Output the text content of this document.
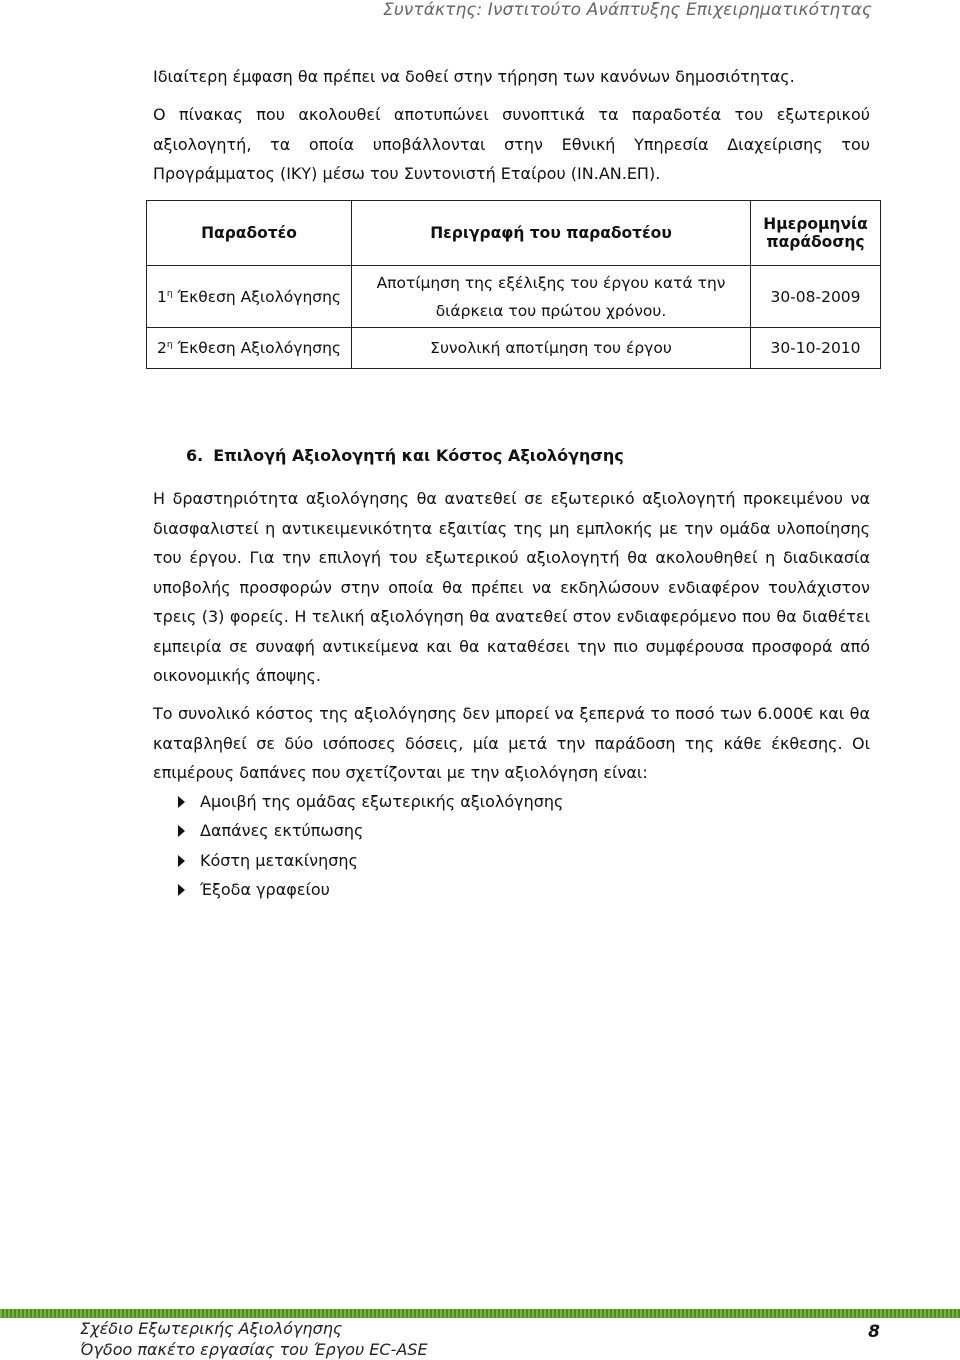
Συντάκτης: Ινστιτούτο Ανάπτυξης Επιχειρηματικότητας

Ιδιαίτερη έμφαση θα πρέπει να δοθεί στην τήρηση των κανόνων δημοσιότητας.

Ο πίνακας που ακολουθεί αποτυπώνει συνοπτικά τα παραδοτέα του εξωτερικού αξιολογητή, τα οποία υποβάλλονται στην Εθνική Υπηρεσία Διαχείρισης του Προγράμματος (ΙΚΥ) μέσω του Συντονιστή Εταίρου (ΙΝ.ΑΝ.ΕΠ).

Παραδοτέο	Περιγραφή του παραδοτέου	Ημερομηνία παράδοσης
$1^\eta$ Έκθεση Αξιολόγησης	Αποτίμηση της εξέλιξης του έργου κατά την διάρκεια του πρώτου χρόνου.	30-08-2009
$2^\eta$ Έκθεση Αξιολόγησης	Συνολική αποτίμηση του έργου	30-10-2010
6. Επιλογή Αξιολογητή και Κόστος Αξιολόγησης

Η δραστηριότητα αξιολόγησης θα ανατεθεί σε εξωτερικό αξιολογητή προκειμένου να διασφαλιστεί η αντικειμενικότητα εξαιτίας της μη εμπλοκής με την ομάδα υλοποίησης του έργου. Για την επιλογή του εξωτερικού αξιολογητή θα ακολουθηθεί η διαδικασία υποβολής προσφορών στην οποία θα πρέπει να εκδηλώσουν ενδιαφέρον τουλάχιστον τρεις (3) φορείς. Η τελική αξιολόγηση θα ανατεθεί στον ενδιαφερόμενο που θα διαθέτει εμπειρία σε συναφή αντικείμενα και θα καταθέσει την πιο συμφέρουσα προσφορά από οικονομικής άποψης.

Το συνολικό κόστος της αξιολόγησης δεν μπορεί να ξεπερνά το ποσό των 6.000€ και θα καταβληθεί σε δύο ισόποσες δόσεις, μία μετά την παράδοση της κάθε έκθεσης. Οι επιμέρους δαπάνες που σχετίζονται με την αξιολόγηση είναι:

Αμοιβή της ομάδας εξωτερικής αξιολόγησης
Δαπάνες εκτύπωσης
Κόστη μετακίνησης
Έξοδα γραφείου
Σχέδιο Εξωτερικής Αξιολόγησης
Όγδοο πακέτο εργασίας του Έργου EC-ASE
8
